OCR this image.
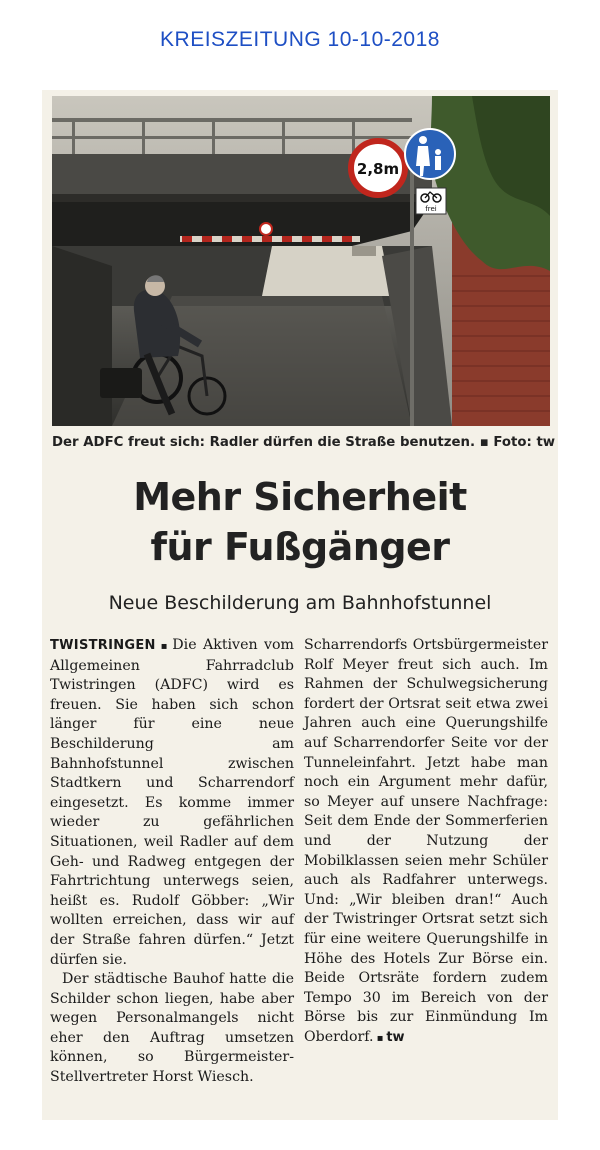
KREISZEITUNG 10-10-2018
2,8m
frei
Der ADFC freut sich: Radler dürfen die Straße benutzen. ▪ Foto: tw
Mehr Sicherheit
für Fußgänger
Neue Beschilderung am Bahnhofstunnel

TWISTRINGEN ▪ Die Aktiven vom Allgemeinen Fahrradclub Twistringen (ADFC) wird es freuen. Sie haben sich schon länger für eine neue Beschilderung am Bahnhofstunnel zwischen Stadtkern und Scharrendorf eingesetzt. Es komme immer wieder zu gefährlichen Situationen, weil Radler auf dem Geh- und Radweg entgegen der Fahrtrichtung unterwegs seien, heißt es. Rudolf Göbber: „Wir wollten erreichen, dass wir auf der Straße fahren dürfen.“ Jetzt dürfen sie.

Der städtische Bauhof hatte die Schilder schon liegen, habe aber wegen Personalmangels nicht eher den Auftrag umsetzen können, so Bürgermeister-Stellvertreter Horst Wiesch.

Scharrendorfs Ortsbürgermeister Rolf Meyer freut sich auch. Im Rahmen der Schulwegsicherung fordert der Ortsrat seit etwa zwei Jahren auch eine Querungshilfe auf Scharrendorfer Seite vor der Tunneleinfahrt. Jetzt habe man noch ein Argument mehr dafür, so Meyer auf unsere Nachfrage: Seit dem Ende der Sommerferien und der Nutzung der Mobilklassen seien mehr Schüler auch als Radfahrer unterwegs. Und: „Wir bleiben dran!“ Auch der Twistringer Ortsrat setzt sich für eine weitere Querungshilfe in Höhe des Hotels Zur Börse ein. Beide Ortsräte fordern zudem Tempo 30 im Bereich von der Börse bis zur Einmündung Im Oberdorf. ▪ tw
